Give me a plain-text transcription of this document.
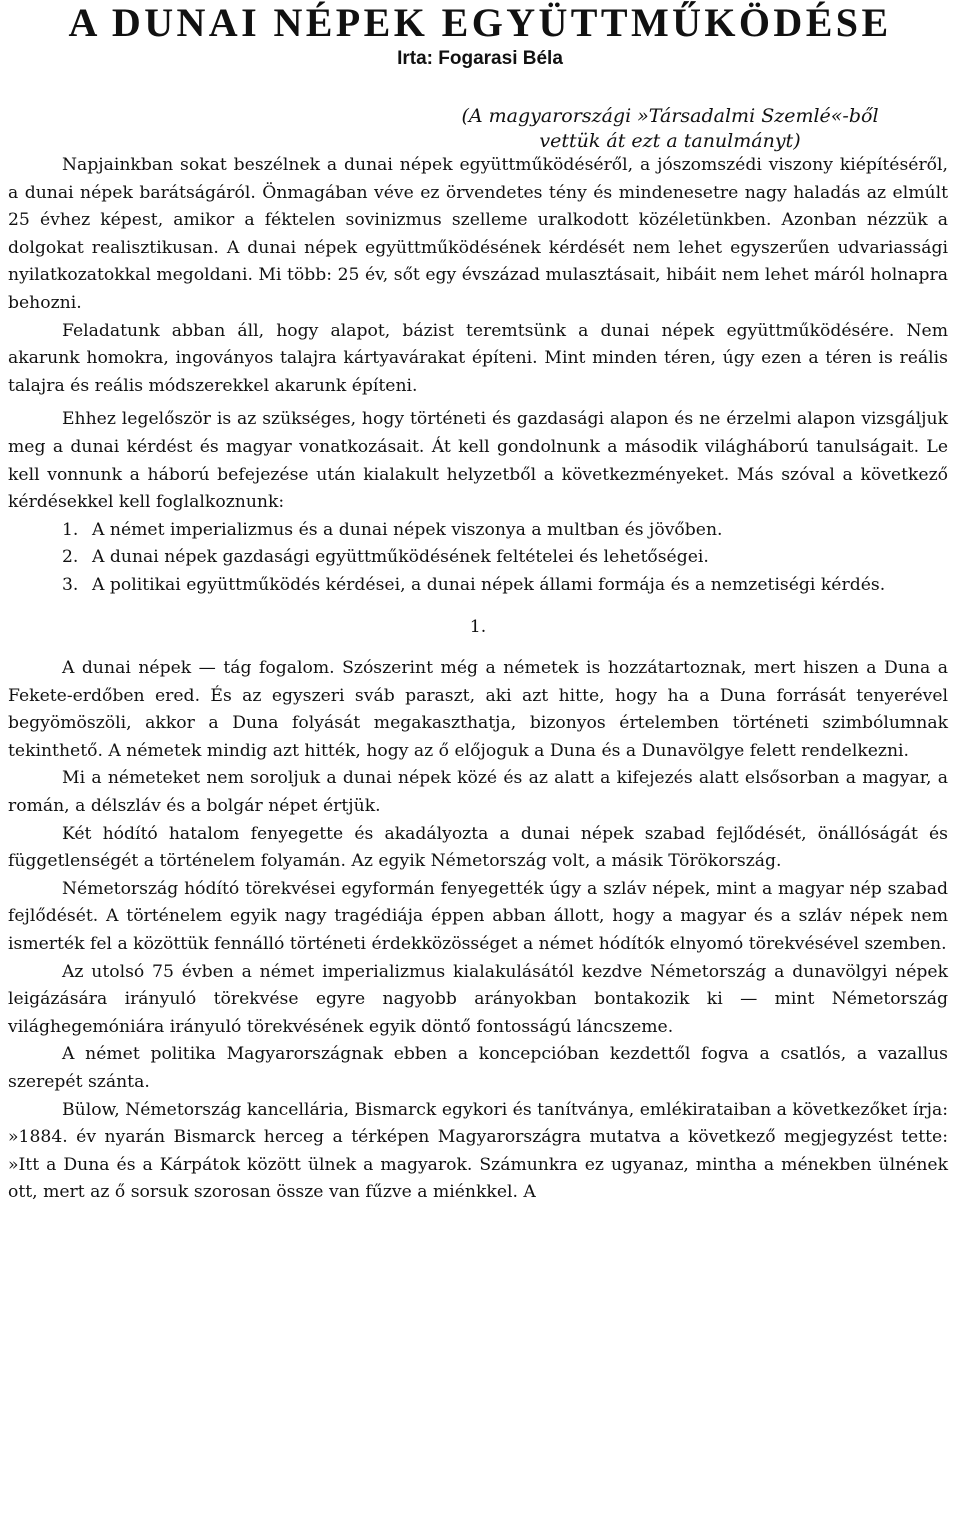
A DUNAI NÉPEK EGYÜTTMŰKÖDÉSE
Irta: Fogarasi Béla
(A magyarországi »Társadalmi Szemlé«-ből
vettük át ezt a tanulmányt)

Napjainkban sokat beszélnek a dunai népek együttműködéséről, a jószomszédi viszony kiépítéséről, a dunai népek barátságáról. Önmagában véve ez örvendetes tény és mindenesetre nagy haladás az elmúlt 25 évhez képest, amikor a féktelen sovinizmus szelleme uralkodott közéletünkben. Azonban nézzük a dolgokat realisztikusan. A dunai népek együttműködésének kérdését nem lehet egyszerűen udvariassági nyilatkozatokkal megoldani. Mi több: 25 év, sőt egy évszázad mulasztásait, hibáit nem lehet máról holnapra behozni.

Feladatunk abban áll, hogy alapot, bázist teremtsünk a dunai népek együttműködésére. Nem akarunk homokra, ingoványos talajra kártyavárakat építeni. Mint minden téren, úgy ezen a téren is reális talajra és reális módszerekkel akarunk építeni.

Ehhez legelőször is az szükséges, hogy történeti és gazdasági alapon és ne érzelmi alapon vizsgáljuk meg a dunai kérdést és magyar vonatkozásait. Át kell gondolnunk a második világháború tanulságait. Le kell vonnunk a háború befejezése után kialakult helyzetből a következményeket. Más szóval a következő kérdésekkel kell foglalkoznunk:

1. A német imperializmus és a dunai népek viszonya a multban és jövőben.
2. A dunai népek gazdasági együttműködésének feltételei és lehetőségei.
3. A politikai együttműködés kérdései, a dunai népek állami formája és a nemzetiségi kérdés.

1.

A dunai népek — tág fogalom. Szószerint még a németek is hozzátartoznak, mert hiszen a Duna a Fekete-erdőben ered. És az egyszeri sváb paraszt, aki azt hitte, hogy ha a Duna forrását tenyerével begyömöszöli, akkor a Duna folyását megakaszthatja, bizonyos értelemben történeti szimbólumnak tekinthető. A németek mindig azt hitték, hogy az ő előjoguk a Duna és a Dunavölgye felett rendelkezni.

Mi a németeket nem soroljuk a dunai népek közé és az alatt a kifejezés alatt elsősorban a magyar, a román, a délszláv és a bolgár népet értjük.

Két hódító hatalom fenyegette és akadályozta a dunai népek szabad fejlődését, önállóságát és függetlenségét a történelem folyamán. Az egyik Németország volt, a másik Törökország.

Németország hódító törekvései egyformán fenyegették úgy a szláv népek, mint a magyar nép szabad fejlődését. A történelem egyik nagy tragédiája éppen abban állott, hogy a magyar és a szláv népek nem ismerték fel a közöttük fennálló történeti érdekközösséget a német hódítók elnyomó törekvésével szemben.

Az utolsó 75 évben a német imperializmus kialakulásától kezdve Németország a dunavölgyi népek leigázására irányuló törekvése egyre nagyobb arányokban bontakozik ki — mint Németország világhegemóniára irányuló törekvésének egyik döntő fontosságú láncszeme.

A német politika Magyarországnak ebben a koncepcióban kezdettől fogva a csatlós, a vazallus szerepét szánta.

Bülow, Németország kancellária, Bismarck egykori és tanítványa, emlékirataiban a következőket írja: »1884. év nyarán Bismarck herceg a térképen Magyarországra mutatva a következő megjegyzést tette: »Itt a Duna és a Kárpátok között ülnek a magyarok. Számunkra ez ugyanaz, mintha a ménekben ülnének ott, mert az ő sorsuk szorosan össze van fűzve a miénkkel. A
